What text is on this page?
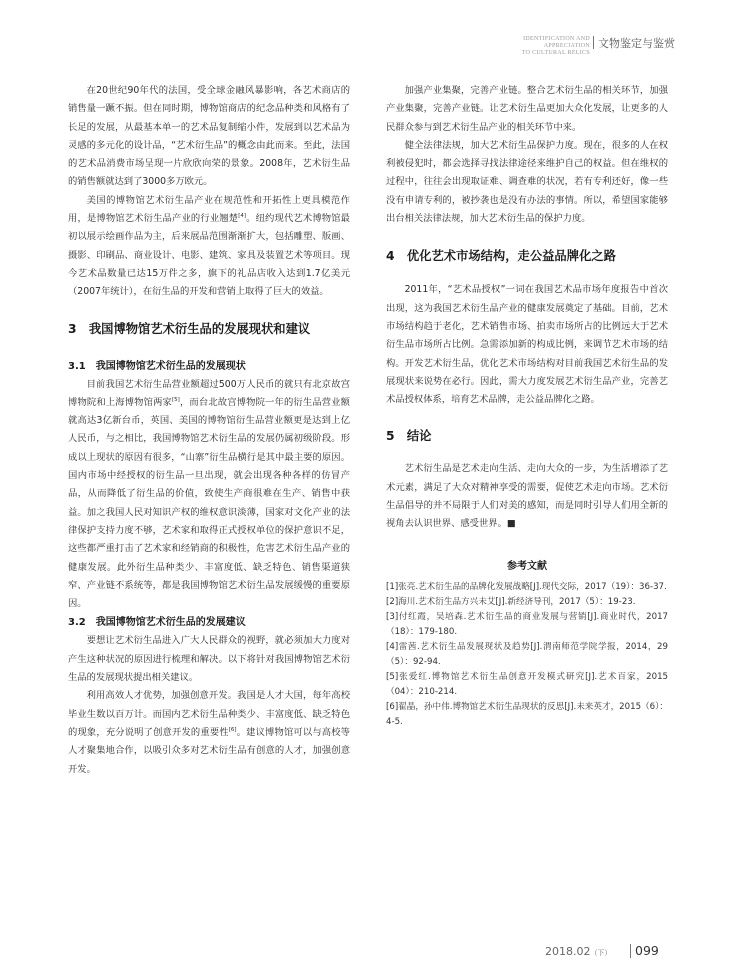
IDENTIFICATION AND APPRECIATION
TO CULTURAL RELICS
文物鉴定与鉴赏

在20世纪90年代的法国，受全球金融风暴影响，各艺术商店的销售量一蹶不振。但在同时期，博物馆商店的纪念品种类和风格有了长足的发展，从最基本单一的艺术品复制缩小件，发展到以艺术品为灵感的多元化的设计品，“艺术衍生品”的概念由此而来。至此，法国的艺术品消费市场呈现一片欣欣向荣的景象。2008年，艺术衍生品的销售额就达到了3000多万欧元。

美国的博物馆艺术衍生品产业在规范性和开拓性上更具模范作用，是博物馆艺术衍生品产业的行业翘楚[4]。纽约现代艺术博物馆最初以展示绘画作品为主，后来展品范围渐渐扩大，包括雕塑、版画、摄影、印刷品、商业设计、电影、建筑、家具及装置艺术等项目。现今艺术品数量已达15万件之多，旗下的礼品店收入达到1.7亿美元（2007年统计），在衍生品的开发和营销上取得了巨大的效益。

3　我国博物馆艺术衍生品的发展现状和建议
3.1　我国博物馆艺术衍生品的发展现状

目前我国艺术衍生品营业额超过500万人民币的就只有北京故宫博物院和上海博物馆两家[5]，而台北故宫博物院一年的衍生品营业额就高达3亿新台币，英国、美国的博物馆衍生品营业额更是达到上亿人民币，与之相比，我国博物馆艺术衍生品的发展仍属初级阶段。形成以上现状的原因有很多，“山寨”衍生品横行是其中最主要的原因。国内市场中经授权的衍生品一旦出现，就会出现各种各样的仿冒产品，从而降低了衍生品的价值，致使生产商很难在生产、销售中获益。加之我国人民对知识产权的维权意识淡薄，国家对文化产业的法律保护支持力度不够，艺术家和取得正式授权单位的保护意识不足，这些都严重打击了艺术家和经销商的积极性，危害艺术衍生品产业的健康发展。此外衍生品种类少、丰富度低、缺乏特色、销售渠道狭窄、产业链不系统等，都是我国博物馆艺术衍生品发展缓慢的重要原因。

3.2　我国博物馆艺术衍生品的发展建议

要想让艺术衍生品进入广大人民群众的视野，就必须加大力度对产生这种状况的原因进行梳理和解决。以下将针对我国博物馆艺术衍生品的发展现状提出相关建议。

利用高效人才优势，加强创意开发。我国是人才大国，每年高校毕业生数以百万计。而国内艺术衍生品种类少、丰富度低、缺乏特色的现象，充分说明了创意开发的重要性[6]。建议博物馆可以与高校等人才聚集地合作，以吸引众多对艺术衍生品有创意的人才，加强创意开发。

加强产业集聚，完善产业链。整合艺术衍生品的相关环节，加强产业集聚，完善产业链。让艺术衍生品更加大众化发展，让更多的人民群众参与到艺术衍生品产业的相关环节中来。

健全法律法规，加大艺术衍生品保护力度。现在，很多的人在权利被侵犯时，都会选择寻找法律途径来维护自己的权益。但在维权的过程中，往往会出现取证难、调查难的状况，若有专利还好，像一些没有申请专利的，被抄袭也是没有办法的事情。所以，希望国家能够出台相关法律法规，加大艺术衍生品的保护力度。

4　优化艺术市场结构，走公益品牌化之路

2011年，“艺术品授权”一词在我国艺术品市场年度报告中首次出现，这为我国艺术衍生品产业的健康发展奠定了基础。目前，艺术市场结构趋于老化，艺术销售市场、拍卖市场所占的比例远大于艺术衍生品市场所占比例。急需添加新的构成比例，来调节艺术市场的结构。开发艺术衍生品，优化艺术市场结构对目前我国艺术衍生品的发展现状来说势在必行。因此，需大力度发展艺术衍生品产业，完善艺术品授权体系，培育艺术品牌，走公益品牌化之路。

5　结论

艺术衍生品是艺术走向生活、走向大众的一步，为生活增添了艺术元素，满足了大众对精神享受的需要，促使艺术走向市场。艺术衍生品倡导的并不局限于人们对美的感知，而是同时引导人们用全新的视角去认识世界、感受世界。■

参考文献
[1]张亮.艺术衍生品的品牌化发展战略[J].现代交际，2017（19）：36-37.
[2]海川.艺术衍生品方兴未艾[J].新经济导刊，2017（5）：19-23.
[3]付红霞，吴培森.艺术衍生品的商业发展与营销[J].商业时代，2017（18）：179-180.
[4]雷茜.艺术衍生品发展现状及趋势[J].渭南师范学院学报，2014，29（5）：92-94.
[5]张爱红.博物馆艺术衍生品创意开发模式研究[J].艺术百家，2015（04）：210-214.
[6]翟晶，孙中伟.博物馆艺术衍生品现状的反思[J].未来英才，2015（6）：4-5.
2018.02（下） 099
